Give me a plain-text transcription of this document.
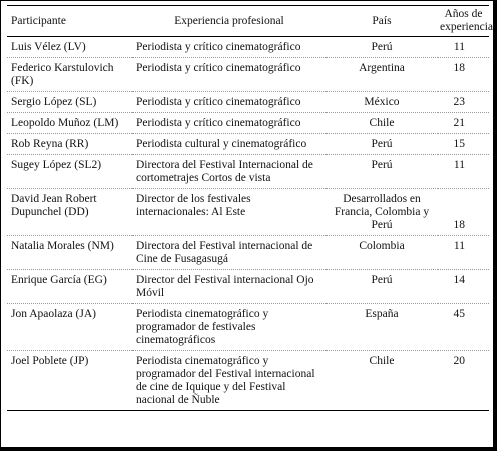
Participante	Experiencia profesional	País	Años de experiencia
Luis Vélez (LV)	Periodista y crítico cinematográfico	Perú	11
Federico Karstulovich (FK)	Periodista y crítico cinematográfico	Argentina	18
Sergio López (SL)	Periodista y crítico cinematográfico	México	23
Leopoldo Muñoz (LM)	Periodista y crítico cinematográfico	Chile	21
Rob Reyna (RR)	Periodista cultural y cinematográfico	Perú	15
Sugey López (SL2)	Directora del Festival Internacional de cortometrajes Cortos de vista	Perú	11
David Jean Robert Dupunchel (DD)	Director de los festivales internacionales: Al Este	Desarrollados en Francia, Colombia y Perú	18
Natalia Morales (NM)	Directora del Festival internacional de Cine de Fusagasugá	Colombia	11
Enrique García (EG)	Director del Festival internacional Ojo Móvil	Perú	14
Jon Apaolaza (JA)	Periodista cinematográfico y programador de festivales cinematográficos	España	45
Joel Poblete (JP)	Periodista cinematográfico y programador del Festival internacional de cine de Iquique y del Festival nacional de Ñuble	Chile	20
